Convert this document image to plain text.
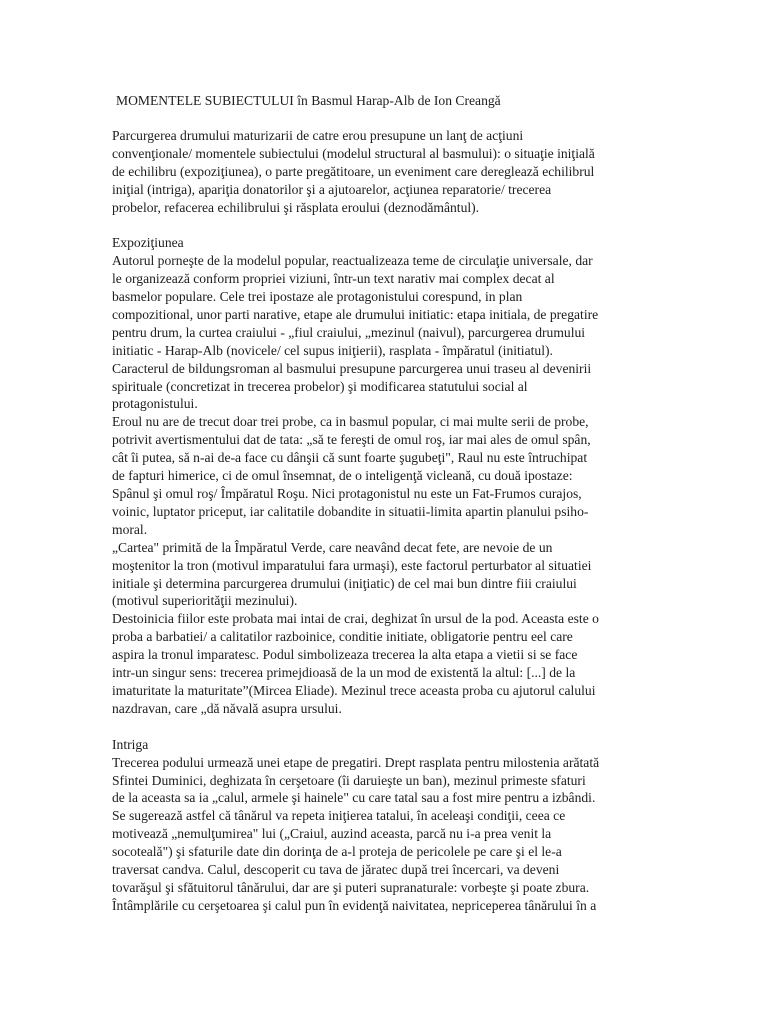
MOMENTELE SUBIECTULUI în Basmul Harap-Alb de Ion Creangă
Parcurgerea drumului maturizarii de catre erou presupune un lanţ de acţiuni
convenţionale/ momentele subiectului (modelul structural al basmului): o situaţie iniţială
de echilibru (expoziţiunea), o parte pregătitoare, un eveniment care deregleazǎ echilibrul
iniţial (intriga), apariţia donatorilor şi a ajutoarelor, acţiunea reparatorie/ trecerea
probelor, refacerea echilibrului şi răsplata eroului (deznodământul).
Expoziţiunea
Autorul porneşte de la modelul popular, reactualizeaza teme de circulaţie universale, dar
le organizează conform propriei viziuni, într-un text narativ mai complex decat al
basmelor populare. Cele trei ipostaze ale protagonistului corespund, in plan
compozitional, unor parti narative, etape ale drumului initiatic: etapa initiala, de pregatire
pentru drum, la curtea craiului - „fiul craiului, „mezinul (naivul), parcurgerea drumului
initiatic - Harap-Alb (novicele/ cel supus iniţierii), rasplata - împăratul (initiatul).
Caracterul de bildungsroman al basmului presupune parcurgerea unui traseu al devenirii
spirituale (concretizat in trecerea probelor) şi modificarea statutului social al
protagonistului.
Eroul nu are de trecut doar trei probe, ca in basmul popular, ci mai multe serii de probe,
potrivit avertismentului dat de tata: „să te fereşti de omul roş, iar mai ales de omul spân,
cât îi putea, să n-ai de-a face cu dânşii că sunt foarte şugubeţi", Raul nu este întruchipat
de fapturi himerice, ci de omul însemnat, de o inteligenţă vicleană, cu două ipostaze:
Spânul şi omul roş/ Împăratul Roşu. Nici protagonistul nu este un Fat-Frumos curajos,
voinic, luptator priceput, iar calitatile dobandite in situatii-limita apartin planului psiho-
moral.
„Cartea" primită de la Împăratul Verde, care neavând decat fete, are nevoie de un
moştenitor la tron (motivul imparatului fara urmaşi), este factorul perturbator al situatiei
initiale şi determina parcurgerea drumului (iniţiatic) de cel mai bun dintre fiii craiului
(motivul superiorităţii mezinului).
Destoinicia fiilor este probata mai intai de crai, deghizat în ursul de la pod. Aceasta este o
proba a barbatiei/ a calitatilor razboinice, conditie initiate, obligatorie pentru eel care
aspira la tronul imparatesc. Podul simbolizeaza trecerea la alta etapa a vietii si se face
intr-un singur sens: trecerea primejdioasă de la un mod de existentă la altul: [...] de la
imaturitate la maturitate”(Mircea Eliade). Mezinul trece aceasta proba cu ajutorul calului
nazdravan, care „dă năvală asupra ursului.
Intriga
Trecerea podului urmează unei etape de pregatiri. Drept rasplata pentru milostenia arătată
Sfintei Duminici, deghizata în cerşetoare (îi daruieşte un ban), mezinul primeste sfaturi
de la aceasta sa ia „calul, armele şi hainele" cu care tatal sau a fost mire pentru a izbândi.
Se sugerează astfel că tânărul va repeta iniţierea tatalui, în aceleaşi condiţii, ceea ce
motivează „nemulţumirea" lui („Craiul, auzind aceasta, parcă nu i-a prea venit la
socoteală") şi sfaturile date din dorinţa de a-l proteja de pericolele pe care şi el le-a
traversat candva. Calul, descoperit cu tava de jăratec după trei încercari, va deveni
tovarăşul şi sfătuitorul tânărului, dar are şi puteri supranaturale: vorbeşte şi poate zbura.
Întâmplările cu cerşetoarea şi calul pun în evidenţă naivitatea, nepriceperea tânărului în a
